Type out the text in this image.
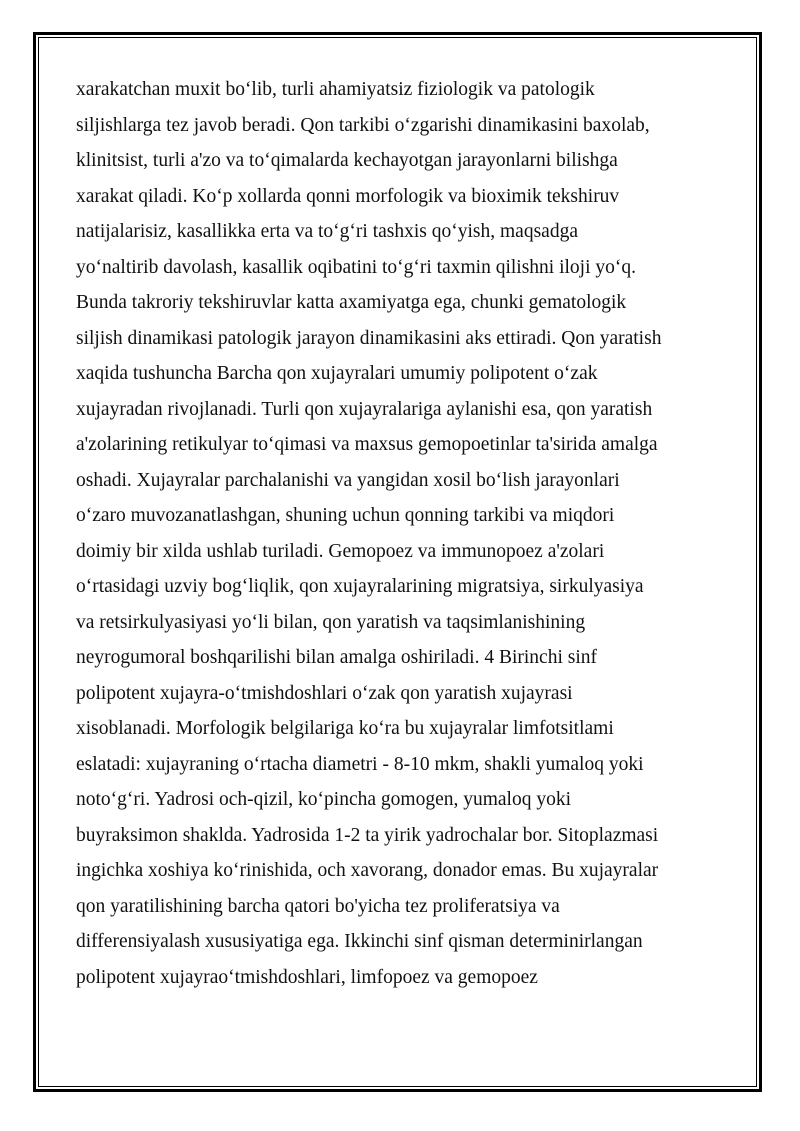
xarakatchan muxit bo‘lib, turli ahamiyatsiz fiziologik va patologik
siljishlarga tez javob beradi. Qon tarkibi o‘zgarishi dinamikasini baxolab,
klinitsist, turli a'zo va to‘qimalarda kechayotgan jarayonlarni bilishga
xarakat qiladi. Ko‘p xollarda qonni morfologik va bioximik tekshiruv
natijalarisiz, kasallikka erta va to‘g‘ri tashxis qo‘yish, maqsadga
yo‘naltirib davolash, kasallik oqibatini to‘g‘ri taxmin qilishni iloji yo‘q.
Bunda takroriy tekshiruvlar katta axamiyatga ega, chunki gematologik
siljish dinamikasi patologik jarayon dinamikasini aks ettiradi. Qon yaratish
xaqida tushuncha Barcha qon xujayralari umumiy polipotent o‘zak
xujayradan rivojlanadi. Turli qon xujayralariga aylanishi esa, qon yaratish
a'zolarining retikulyar to‘qimasi va maxsus gemopoetinlar ta'sirida amalga
oshadi. Xujayralar parchalanishi va yangidan xosil bo‘lish jarayonlari
o‘zaro muvozanatlashgan, shuning uchun qonning tarkibi va miqdori
doimiy bir xilda ushlab turiladi. Gemopoez va immunopoez a'zolari
o‘rtasidagi uzviy bog‘liqlik, qon xujayralarining migratsiya, sirkulyasiya
va retsirkulyasiyasi yo‘li bilan, qon yaratish va taqsimlanishining
neyrogumoral boshqarilishi bilan amalga oshiriladi. 4 Birinchi sinf
polipotent xujayra-o‘tmishdoshlari o‘zak qon yaratish xujayrasi
xisoblanadi. Morfologik belgilariga ko‘ra bu xujayralar limfotsitlami
eslatadi: xujayraning o‘rtacha diametri - 8-10 mkm, shakli yumaloq yoki
noto‘g‘ri. Yadrosi och-qizil, ko‘pincha gomogen, yumaloq yoki
buyraksimon shaklda. Yadrosida 1-2 ta yirik yadrochalar bor. Sitoplazmasi
ingichka xoshiya ko‘rinishida, och xavorang, donador emas. Bu xujayralar
qon yaratilishining barcha qatori bo'yicha tez proliferatsiya va
differensiyalash xususiyatiga ega. Ikkinchi sinf qisman determinirlangan
polipotent xujayrao‘tmishdoshlari, limfopoez va gemopoez
